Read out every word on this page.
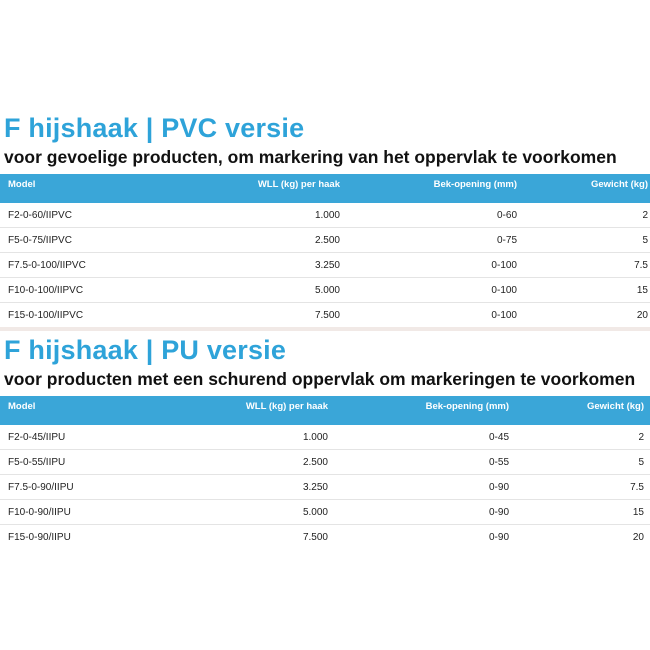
F hijshaak | PVC versie
voor gevoelige producten, om markering van het oppervlak te voorkomen
Model	WLL (kg) per haak	Bek-opening (mm)	Gewicht (kg)
F2-0-60/IIPVC	1.000	0-60	2
F5-0-75/IIPVC	2.500	0-75	5
F7.5-0-100/IIPVC	3.250	0-100	7.5
F10-0-100/IIPVC	5.000	0-100	15
F15-0-100/IIPVC	7.500	0-100	20
F hijshaak | PU versie
voor producten met een schurend oppervlak om markeringen te voorkomen
Model	WLL (kg) per haak	Bek-opening (mm)	Gewicht (kg)
F2-0-45/IIPU	1.000	0-45	2
F5-0-55/IIPU	2.500	0-55	5
F7.5-0-90/IIPU	3.250	0-90	7.5
F10-0-90/IIPU	5.000	0-90	15
F15-0-90/IIPU	7.500	0-90	20
